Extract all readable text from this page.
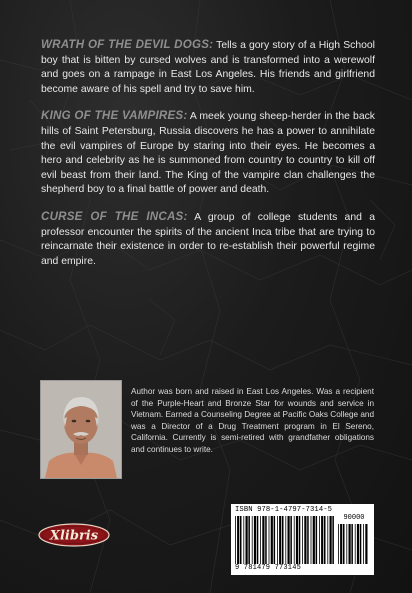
WRATH OF THE DEVIL DOGS: Tells a gory story of a High School boy that is bitten by cursed wolves and is transformed into a werewolf and goes on a rampage in East Los Angeles. His friends and girlfriend become aware of his spell and try to save him.

KING OF THE VAMPIRES: A meek young sheep-herder in the back hills of Saint Petersburg, Russia discovers he has a power to annihilate the evil vampires of Europe by staring into their eyes. He becomes a hero and celebrity as he is summoned from country to country to kill off evil beast from their land. The King of the vampire clan challenges the shepherd boy to a final battle of power and death.

CURSE OF THE INCAS: A group of college students and a professor encounter the spirits of the ancient Inca tribe that are trying to reincarnate their existence in order to re-establish their powerful regime and empire.

Author was born and raised in East Los Angeles. Was a recipient of the Purple-Heart and Bronze Star for wounds and service in Vietnam. Earned a Counseling Degree at Pacific Oaks College and was a Director of a Drug Treatment program in El Sereno, California. Currently is semi-retired with grandfather obligations and continues to write.
Xlibris
ISBN 978-1-4797-7314-5
90000
9 781479 773145
